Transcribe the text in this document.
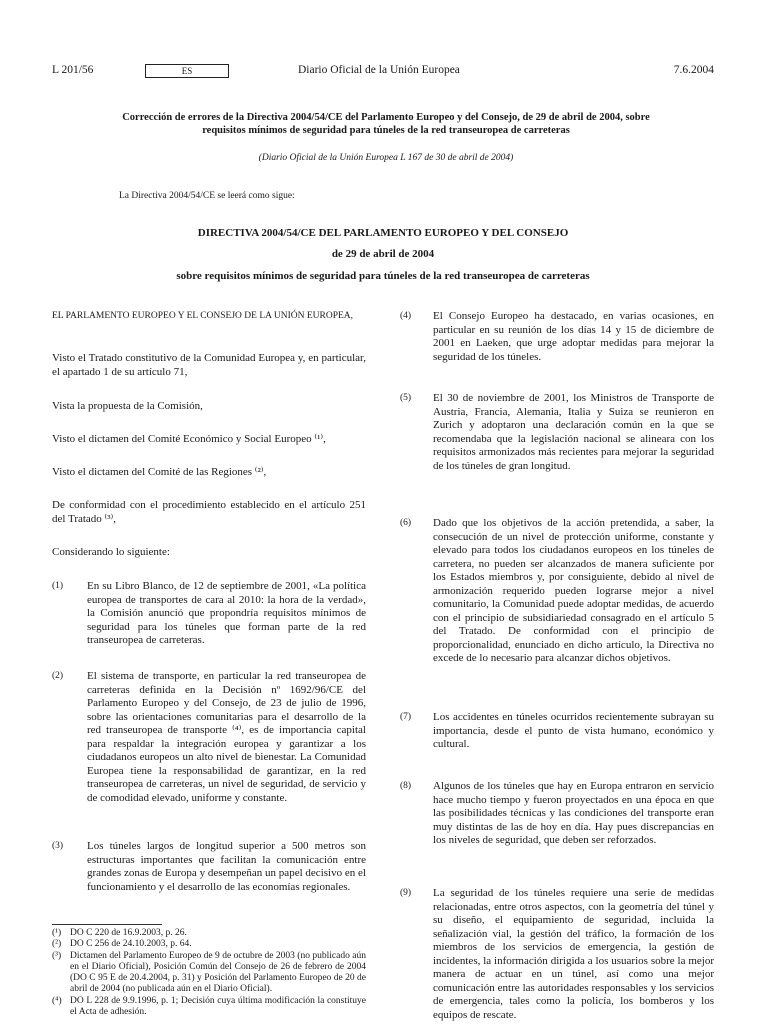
L 201/56	ES	Diario Oficial de la Unión Europea	7.6.2004
Corrección de errores de la Directiva 2004/54/CE del Parlamento Europeo y del Consejo, de 29 de abril de 2004, sobre requisitos mínimos de seguridad para túneles de la red transeuropea de carreteras
(Diario Oficial de la Unión Europea L 167 de 30 de abril de 2004)
La Directiva 2004/54/CE se leerá como sigue:
DIRECTIVA 2004/54/CE DEL PARLAMENTO EUROPEO Y DEL CONSEJO
de 29 de abril de 2004
sobre requisitos mínimos de seguridad para túneles de la red transeuropea de carreteras
EL PARLAMENTO EUROPEO Y EL CONSEJO DE LA UNIÓN EUROPEA,
Visto el Tratado constitutivo de la Comunidad Europea y, en particular, el apartado 1 de su artículo 71,
Vista la propuesta de la Comisión,
Visto el dictamen del Comité Económico y Social Europeo ⁽¹⁾,
Visto el dictamen del Comité de las Regiones ⁽²⁾,
De conformidad con el procedimiento establecido en el artículo 251 del Tratado ⁽³⁾,
Considerando lo siguiente:
(1) En su Libro Blanco, de 12 de septiembre de 2001, «La política europea de transportes de cara al 2010: la hora de la verdad», la Comisión anunció que propondría requisitos mínimos de seguridad para los túneles que forman parte de la red transeuropea de carreteras.
(2) El sistema de transporte, en particular la red transeuropea de carreteras definida en la Decisión nº 1692/96/CE del Parlamento Europeo y del Consejo, de 23 de julio de 1996, sobre las orientaciones comunitarias para el desarrollo de la red transeuropea de transporte ⁽⁴⁾, es de importancia capital para respaldar la integración europea y garantizar a los ciudadanos europeos un alto nivel de bienestar. La Comunidad Europea tiene la responsabilidad de garantizar, en la red transeuropea de carreteras, un nivel de seguridad, de servicio y de comodidad elevado, uniforme y constante.
(3) Los túneles largos de longitud superior a 500 metros son estructuras importantes que facilitan la comunicación entre grandes zonas de Europa y desempeñan un papel decisivo en el funcionamiento y el desarrollo de las economías regionales.
(4) El Consejo Europeo ha destacado, en varias ocasiones, en particular en su reunión de los días 14 y 15 de diciembre de 2001 en Laeken, que urge adoptar medidas para mejorar la seguridad de los túneles.
(5) El 30 de noviembre de 2001, los Ministros de Transporte de Austria, Francia, Alemania, Italia y Suiza se reunieron en Zurich y adoptaron una declaración común en la que se recomendaba que la legislación nacional se alineara con los requisitos armonizados más recientes para mejorar la seguridad de los túneles de gran longitud.
(6) Dado que los objetivos de la acción pretendida, a saber, la consecución de un nivel de protección uniforme, constante y elevado para todos los ciudadanos europeos en los túneles de carretera, no pueden ser alcanzados de manera suficiente por los Estados miembros y, por consiguiente, debido al nivel de armonización requerido pueden lograrse mejor a nivel comunitario, la Comunidad puede adoptar medidas, de acuerdo con el principio de subsidiariedad consagrado en el artículo 5 del Tratado. De conformidad con el principio de proporcionalidad, enunciado en dicho artículo, la Directiva no excede de lo necesario para alcanzar dichos objetivos.
(7) Los accidentes en túneles ocurridos recientemente subrayan su importancia, desde el punto de vista humano, económico y cultural.
(8) Algunos de los túneles que hay en Europa entraron en servicio hace mucho tiempo y fueron proyectados en una época en que las posibilidades técnicas y las condiciones del transporte eran muy distintas de las de hoy en día. Hay pues discrepancias en los niveles de seguridad, que deben ser reforzados.
(9) La seguridad de los túneles requiere una serie de medidas relacionadas, entre otros aspectos, con la geometría del túnel y su diseño, el equipamiento de seguridad, incluida la señalización vial, la gestión del tráfico, la formación de los miembros de los servicios de emergencia, la gestión de incidentes, la información dirigida a los usuarios sobre la mejor manera de actuar en un túnel, así como una mejor comunicación entre las autoridades responsables y los servicios de emergencia, tales como la policía, los bomberos y los equipos de rescate.
(¹) DO C 220 de 16.9.2003, p. 26.
(²) DO C 256 de 24.10.2003, p. 64.
(³) Dictamen del Parlamento Europeo de 9 de octubre de 2003 (no publicado aún en el Diario Oficial), Posición Común del Consejo de 26 de febrero de 2004 (DO C 95 E de 20.4.2004, p. 31) y Posición del Parlamento Europeo de 20 de abril de 2004 (no publicada aún en el Diario Oficial).
(⁴) DO L 228 de 9.9.1996, p. 1; Decisión cuya última modificación la constituye el Acta de adhesión.
